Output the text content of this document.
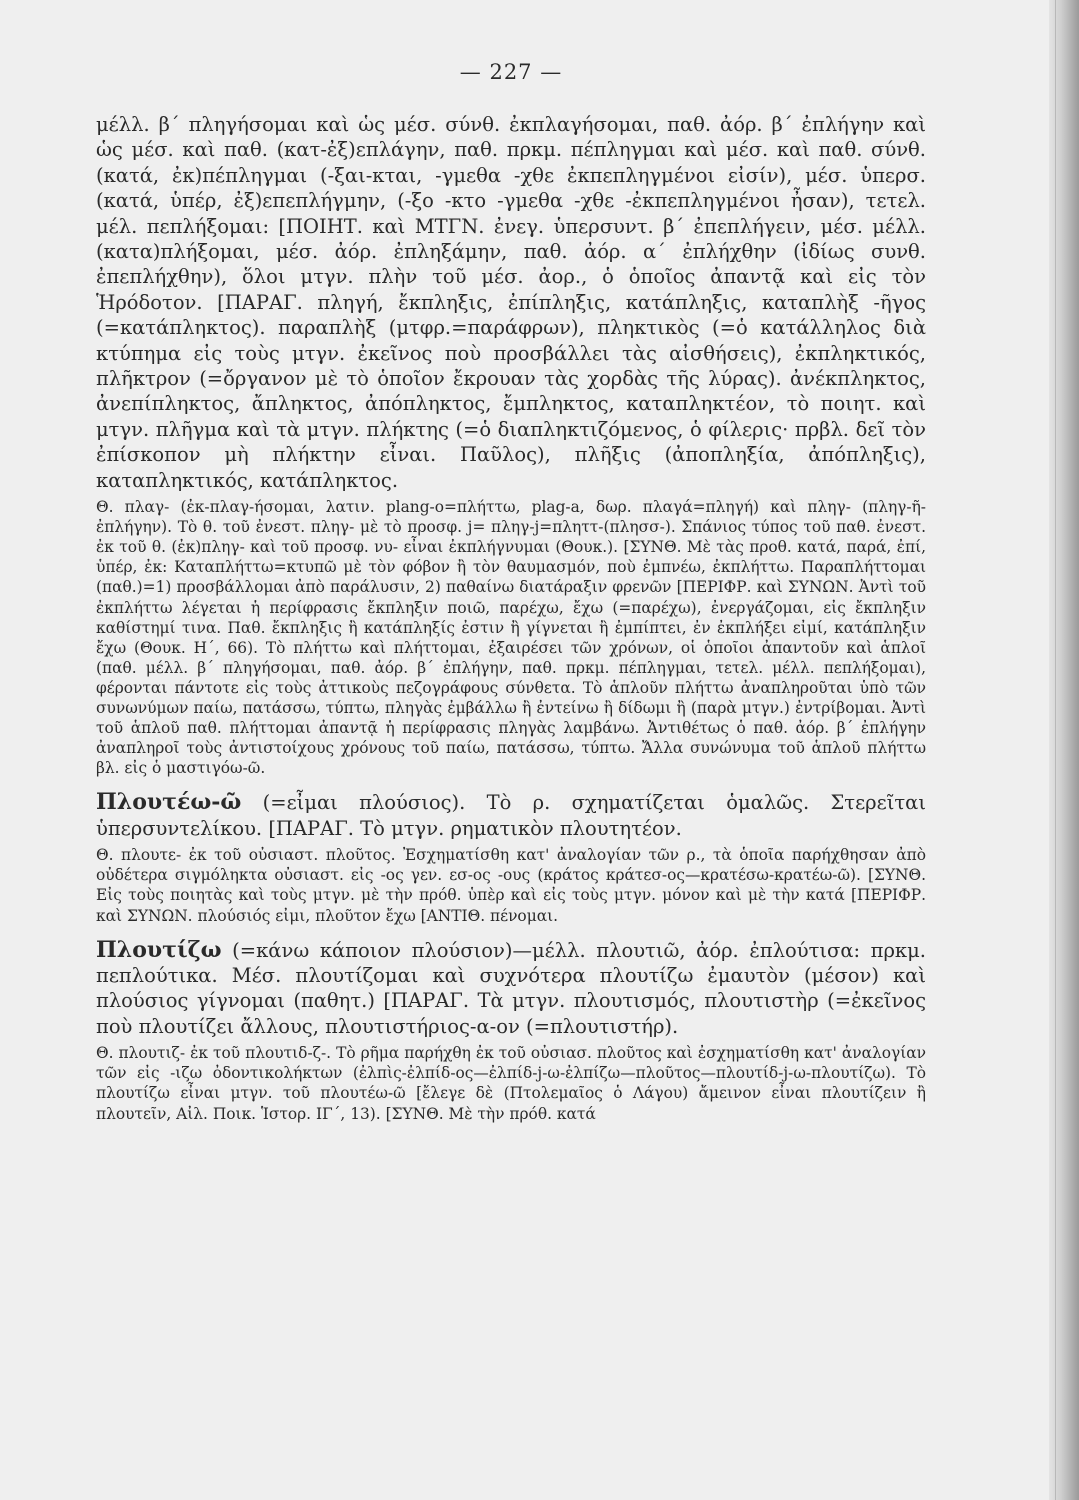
— 227 —

μέλλ. β΄ πληγήσομαι καὶ ὡς μέσ. σύνθ. ἐκπλαγήσομαι, παθ. ἀόρ. β΄ ἐπλήγην καὶ ὡς μέσ. καὶ παθ. (κατ-ἐξ)επλάγην, παθ. πρκμ. πέπληγμαι καὶ μέσ. καὶ παθ. σύνθ. (κατά, ἐκ)πέπληγμαι (-ξαι-κται, -γμεθα -χθε ἐκπεπληγμένοι εἰσίν), μέσ. ὑπερσ. (κατά, ὑπέρ, ἐξ)επεπλήγμην, (-ξο -κτο -γμεθα -χθε -ἐκπεπληγμένοι ἦσαν), τετελ. μέλ. πεπλήξομαι: [ΠΟΙΗΤ. καὶ ΜΤΓΝ. ἐνεγ. ὑπερσυντ. β΄ ἐπεπλήγειν, μέσ. μέλλ. (κατα)πλήξομαι, μέσ. ἀόρ. ἐπληξάμην, παθ. ἀόρ. α΄ ἐπλήχθην (ἰδίως συνθ. ἐπεπλήχθην), ὅλοι μτγν. πλὴν τοῦ μέσ. ἀορ., ὁ ὁποῖος ἀπαντᾷ καὶ εἰς τὸν Ἡρόδοτον. [ΠΑΡΑΓ. πληγή, ἔκπληξις, ἐπίπληξις, κατάπληξις, καταπλὴξ -ῆγος (=κατάπληκτος). παραπλὴξ (μτφρ.=παράφρων), πληκτικὸς (=ὁ κατάλληλος διὰ κτύπημα εἰς τοὺς μτγν. ἐκεῖνος ποὺ προσβάλλει τὰς αἰσθήσεις), ἐκπληκτικός, πλῆκτρον (=ὄργανον μὲ τὸ ὁποῖον ἔκρουαν τὰς χορδὰς τῆς λύρας). ἀνέκπληκτος, ἀνεπίπληκτος, ἄπληκτος, ἀπόπληκτος, ἔμπληκτος, καταπληκτέον, τὸ ποιητ. καὶ μτγν. πλῆγμα καὶ τὰ μτγν. πλήκτης (=ὁ διαπληκτιζόμενος, ὁ φίλερις· πρβλ. δεῖ τὸν ἐπίσκοπον μὴ πλήκτην εἶναι. Παῦλος), πλῆξις (ἀποπληξία, ἀπόπληξις), καταπληκτικός, κατάπληκτος.

Θ. πλαγ- (ἐκ-πλαγ-ήσομαι, λατιν. plang-o=πλήττω, plag-a, δωρ. πλαγά=πληγή) καὶ πληγ- (πληγ-ῆ-ἐπλήγην). Τὸ θ. τοῦ ἐνεστ. πληγ- μὲ τὸ προσφ. j= πληγ-j=πληττ-(πλησσ-). Σπάνιος τύπος τοῦ παθ. ἐνεστ. ἐκ τοῦ θ. (ἐκ)πληγ- καὶ τοῦ προσφ. νυ- εἶναι ἐκπλήγνυμαι (Θουκ.). [ΣΥΝΘ. Μὲ τὰς προθ. κατά, παρά, ἐπί, ὑπέρ, ἐκ: Καταπλήττω=κτυπῶ μὲ τὸν φόβον ἢ τὸν θαυμασμόν, ποὺ ἐμπνέω, ἐκπλήττω. Παραπλήττομαι (παθ.)=1) προσβάλλομαι ἀπὸ παράλυσιν, 2) παθαίνω διατάραξιν φρενῶν [ΠΕΡΙΦΡ. καὶ ΣΥΝΩΝ. Ἀντὶ τοῦ ἐκπλήττω λέγεται ἡ περίφρασις ἔκπληξιν ποιῶ, παρέχω, ἔχω (=παρέχω), ἐνεργάζομαι, εἰς ἔκπληξιν καθίστημί τινα. Παθ. ἔκπληξις ἢ κατάπληξίς ἐστιν ἢ γίγνεται ἢ ἐμπίπτει, ἐν ἐκπλήξει εἰμί, κατάπληξιν ἔχω (Θουκ. Η΄, 66). Τὸ πλήττω καὶ πλήττομαι, ἐξαιρέσει τῶν χρόνων, οἱ ὁποῖοι ἀπαντοῦν καὶ ἁπλοῖ (παθ. μέλλ. β΄ πληγήσομαι, παθ. ἀόρ. β΄ ἐπλήγην, παθ. πρκμ. πέπληγμαι, τετελ. μέλλ. πεπλήξομαι), φέρονται πάντοτε εἰς τοὺς ἀττικοὺς πεζογράφους σύνθετα. Τὸ ἁπλοῦν πλήττω ἀναπληροῦται ὑπὸ τῶν συνωνύμων παίω, πατάσσω, τύπτω, πληγὰς ἐμβάλλω ἢ ἐντείνω ἢ δίδωμι ἢ (παρὰ μτγν.) ἐντρίβομαι. Ἀντὶ τοῦ ἁπλοῦ παθ. πλήττομαι ἀπαντᾷ ἡ περίφρασις πληγὰς λαμβάνω. Ἀντιθέτως ὁ παθ. ἀόρ. β΄ ἐπλήγην ἀναπληροῖ τοὺς ἀντιστοίχους χρόνους τοῦ παίω, πατάσσω, τύπτω. Ἄλλα συνώνυμα τοῦ ἁπλοῦ πλήττω βλ. εἰς ὁ μαστιγόω-ῶ.

Πλουτέω-ῶ (=εἶμαι πλούσιος). Τὸ ρ. σχηματίζεται ὁμαλῶς. Στερεῖται ὑπερσυντελίκου. [ΠΑΡΑΓ. Τὸ μτγν. ρηματικὸν πλουτητέον.

Θ. πλουτε- ἐκ τοῦ οὐσιαστ. πλοῦτος. Ἐσχηματίσθη κατ' ἀναλογίαν τῶν ρ., τὰ ὁποῖα παρήχθησαν ἀπὸ οὐδέτερα σιγμόληκτα οὐσιαστ. εἰς -ος γεν. εσ-ος -ους (κράτος κράτεσ-ος—κρατέσω-κρατέω-ῶ). [ΣΥΝΘ. Εἰς τοὺς ποιητὰς καὶ τοὺς μτγν. μὲ τὴν πρόθ. ὑπὲρ καὶ εἰς τοὺς μτγν. μόνον καὶ μὲ τὴν κατά [ΠΕΡΙΦΡ. καὶ ΣΥΝΩΝ. πλούσιός εἰμι, πλοῦτον ἔχω [ΑΝΤΙΘ. πένομαι.

Πλουτίζω (=κάνω κάποιον πλούσιον)—μέλλ. πλουτιῶ, ἀόρ. ἐπλούτισα: πρκμ. πεπλούτικα. Μέσ. πλουτίζομαι καὶ συχνότερα πλουτίζω ἐμαυτὸν (μέσον) καὶ πλούσιος γίγνομαι (παθητ.) [ΠΑΡΑΓ. Τὰ μτγν. πλουτισμός, πλουτιστὴρ (=ἐκεῖνος ποὺ πλουτίζει ἄλλους, πλουτιστήριος-α-ον (=πλουτιστήρ).

Θ. πλουτιζ- ἐκ τοῦ πλουτιδ-ζ-. Τὸ ρῆμα παρήχθη ἐκ τοῦ οὐσιασ. πλοῦτος καὶ ἐσχηματίσθη κατ' ἀναλογίαν τῶν εἰς -ιζω ὀδοντικολήκτων (ἐλπὶς-ἐλπίδ-ος—ἐλπίδ-j-ω-ἐλπίζω—πλοῦτος—πλουτίδ-j-ω-πλουτίζω). Τὸ πλουτίζω εἶναι μτγν. τοῦ πλουτέω-ῶ [ἔλεγε δὲ (Πτολεμαῖος ὁ Λάγου) ἄμεινον εἶναι πλουτίζειν ἢ πλουτεῖν, Αἰλ. Ποικ. Ἱστορ. ΙΓ΄, 13). [ΣΥΝΘ. Μὲ τὴν πρόθ. κατά
